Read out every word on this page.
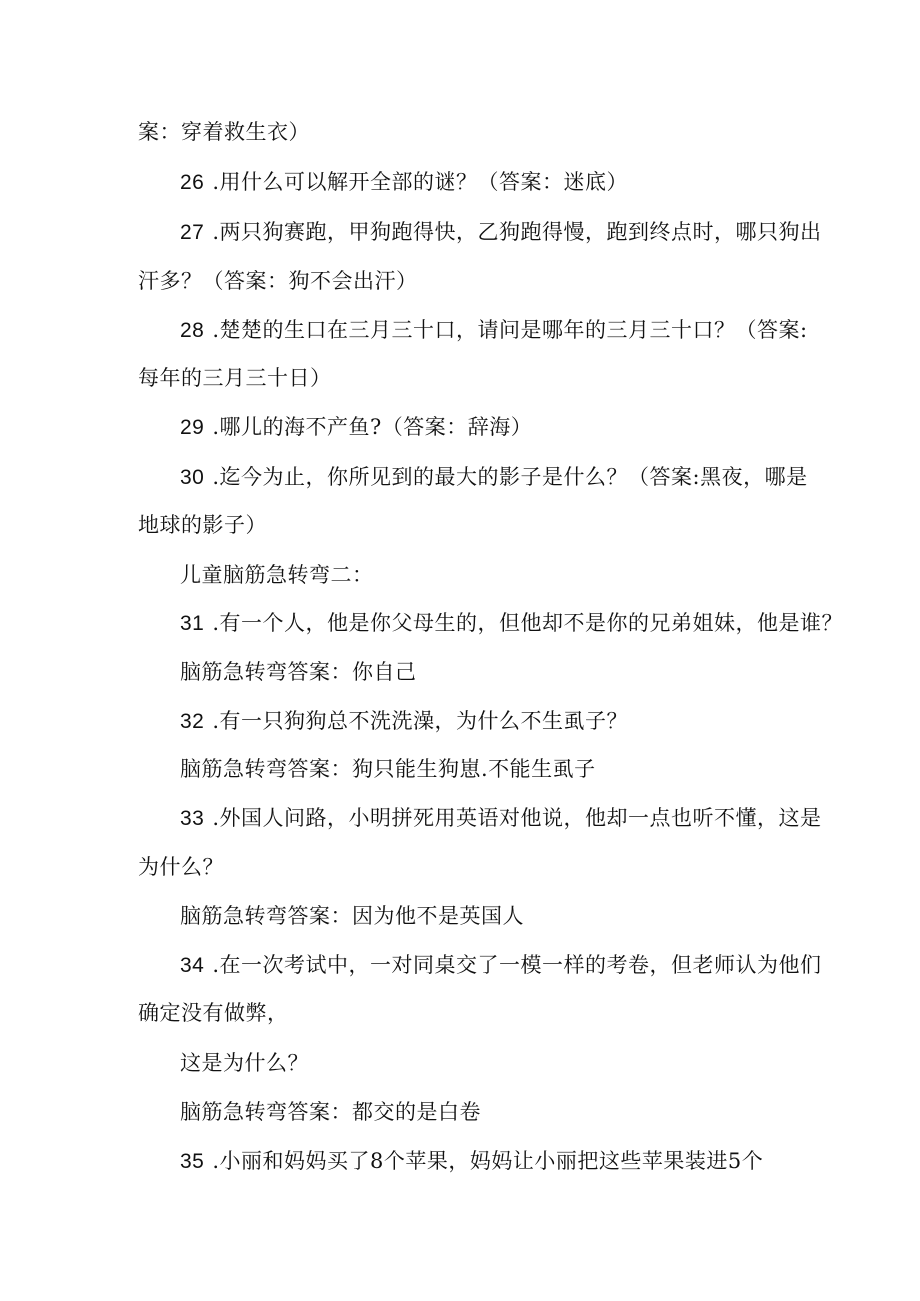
案：穿着救生衣）
26 .用什么可以解开全部的谜？（答案：迷底）
27 .两只狗赛跑，甲狗跑得快，乙狗跑得慢，跑到终点时，哪只狗出
汗多？（答案：狗不会出汗）
28 .楚楚的生口在三月三十口，请问是哪年的三月三十口？（答案:
每年的三月三十日）
29 .哪儿的海不产鱼?（答案：辞海）
30 .迄今为止，你所见到的最大的影子是什么？（答案:黑夜，哪是
地球的影子）
儿童脑筋急转弯二：
31 .有一个人，他是你父母生的，但他却不是你的兄弟姐妹，他是谁？
脑筋急转弯答案：你自己
32 .有一只狗狗总不洗洗澡，为什么不生虱子？
脑筋急转弯答案：狗只能生狗崽.不能生虱子
33 .外国人问路，小明拼死用英语对他说，他却一点也听不懂，这是
为什么？
脑筋急转弯答案：因为他不是英国人
34 .在一次考试中，一对同桌交了一模一样的考卷，但老师认为他们
确定没有做弊，
这是为什么？
脑筋急转弯答案：都交的是白卷
35 .小丽和妈妈买了8个苹果，妈妈让小丽把这些苹果装进5个
